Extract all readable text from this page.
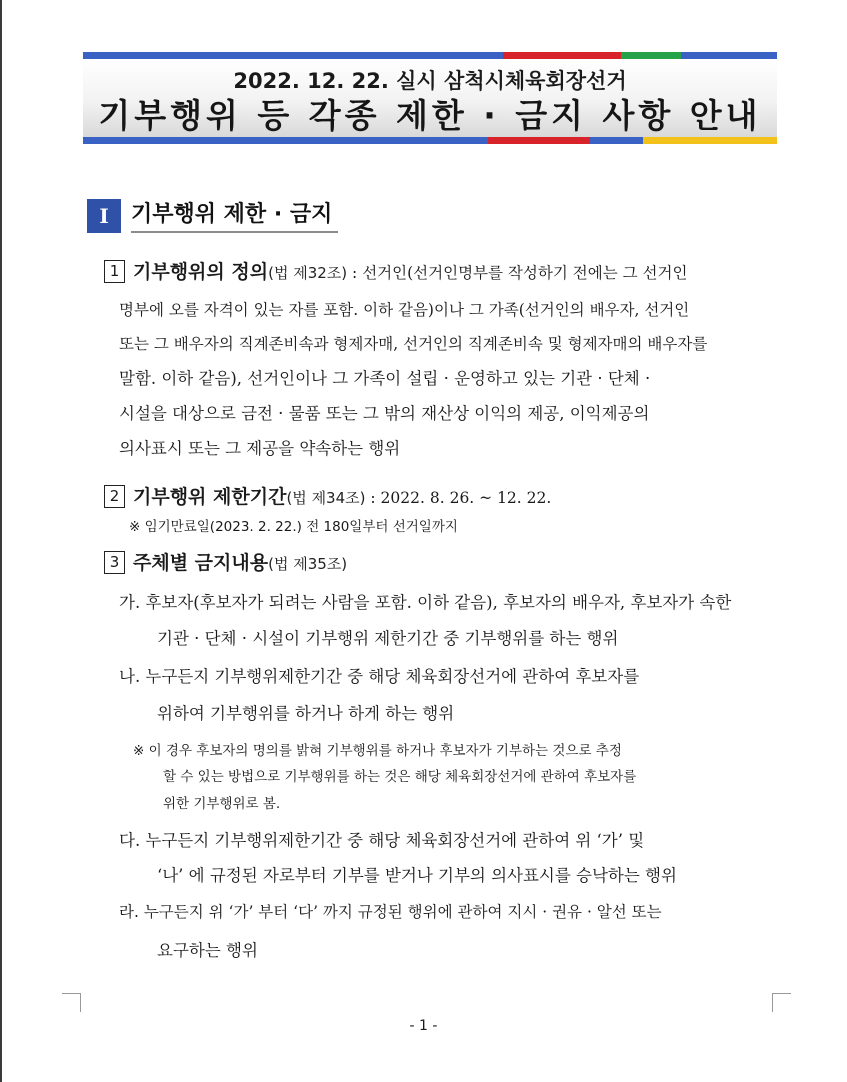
2022. 12. 22. 실시 삼척시체육회장선거
기부행위 등 각종 제한 · 금지 사항 안내
I	기부행위 제한 · 금지
1 기부행위의 정의(법 제32조) : 선거인(선거인명부를 작성하기 전에는 그 선거인
명부에 오를 자격이 있는 자를 포함. 이하 같음)이나 그 가족(선거인의 배우자, 선거인
또는 그 배우자의 직계존비속과 형제자매, 선거인의 직계존비속 및 형제자매의 배우자를
말함. 이하 같음), 선거인이나 그 가족이 설립 · 운영하고 있는 기관 · 단체 ·
시설을 대상으로 금전 · 물품 또는 그 밖의 재산상 이익의 제공, 이익제공의
의사표시 또는 그 제공을 약속하는 행위
2 기부행위 제한기간(법 제34조) : 2022. 8. 26. ~ 12. 22.
※ 임기만료일(2023. 2. 22.) 전 180일부터 선거일까지
3 주체별 금지내용(법 제35조)
가. 후보자(후보자가 되려는 사람을 포함. 이하 같음), 후보자의 배우자, 후보자가 속한
기관 · 단체 · 시설이 기부행위 제한기간 중 기부행위를 하는 행위
나. 누구든지 기부행위제한기간 중 해당 체육회장선거에 관하여 후보자를
위하여 기부행위를 하거나 하게 하는 행위
※ 이 경우 후보자의 명의를 밝혀 기부행위를 하거나 후보자가 기부하는 것으로 추정
할 수 있는 방법으로 기부행위를 하는 것은 해당 체육회장선거에 관하여 후보자를
위한 기부행위로 봄.
다. 누구든지 기부행위제한기간 중 해당 체육회장선거에 관하여 위 ‘가’ 및
‘나’ 에 규정된 자로부터 기부를 받거나 기부의 의사표시를 승낙하는 행위
라. 누구든지 위 ‘가’ 부터 ‘다’ 까지 규정된 행위에 관하여 지시 · 권유 · 알선 또는
요구하는 행위
- 1 -
